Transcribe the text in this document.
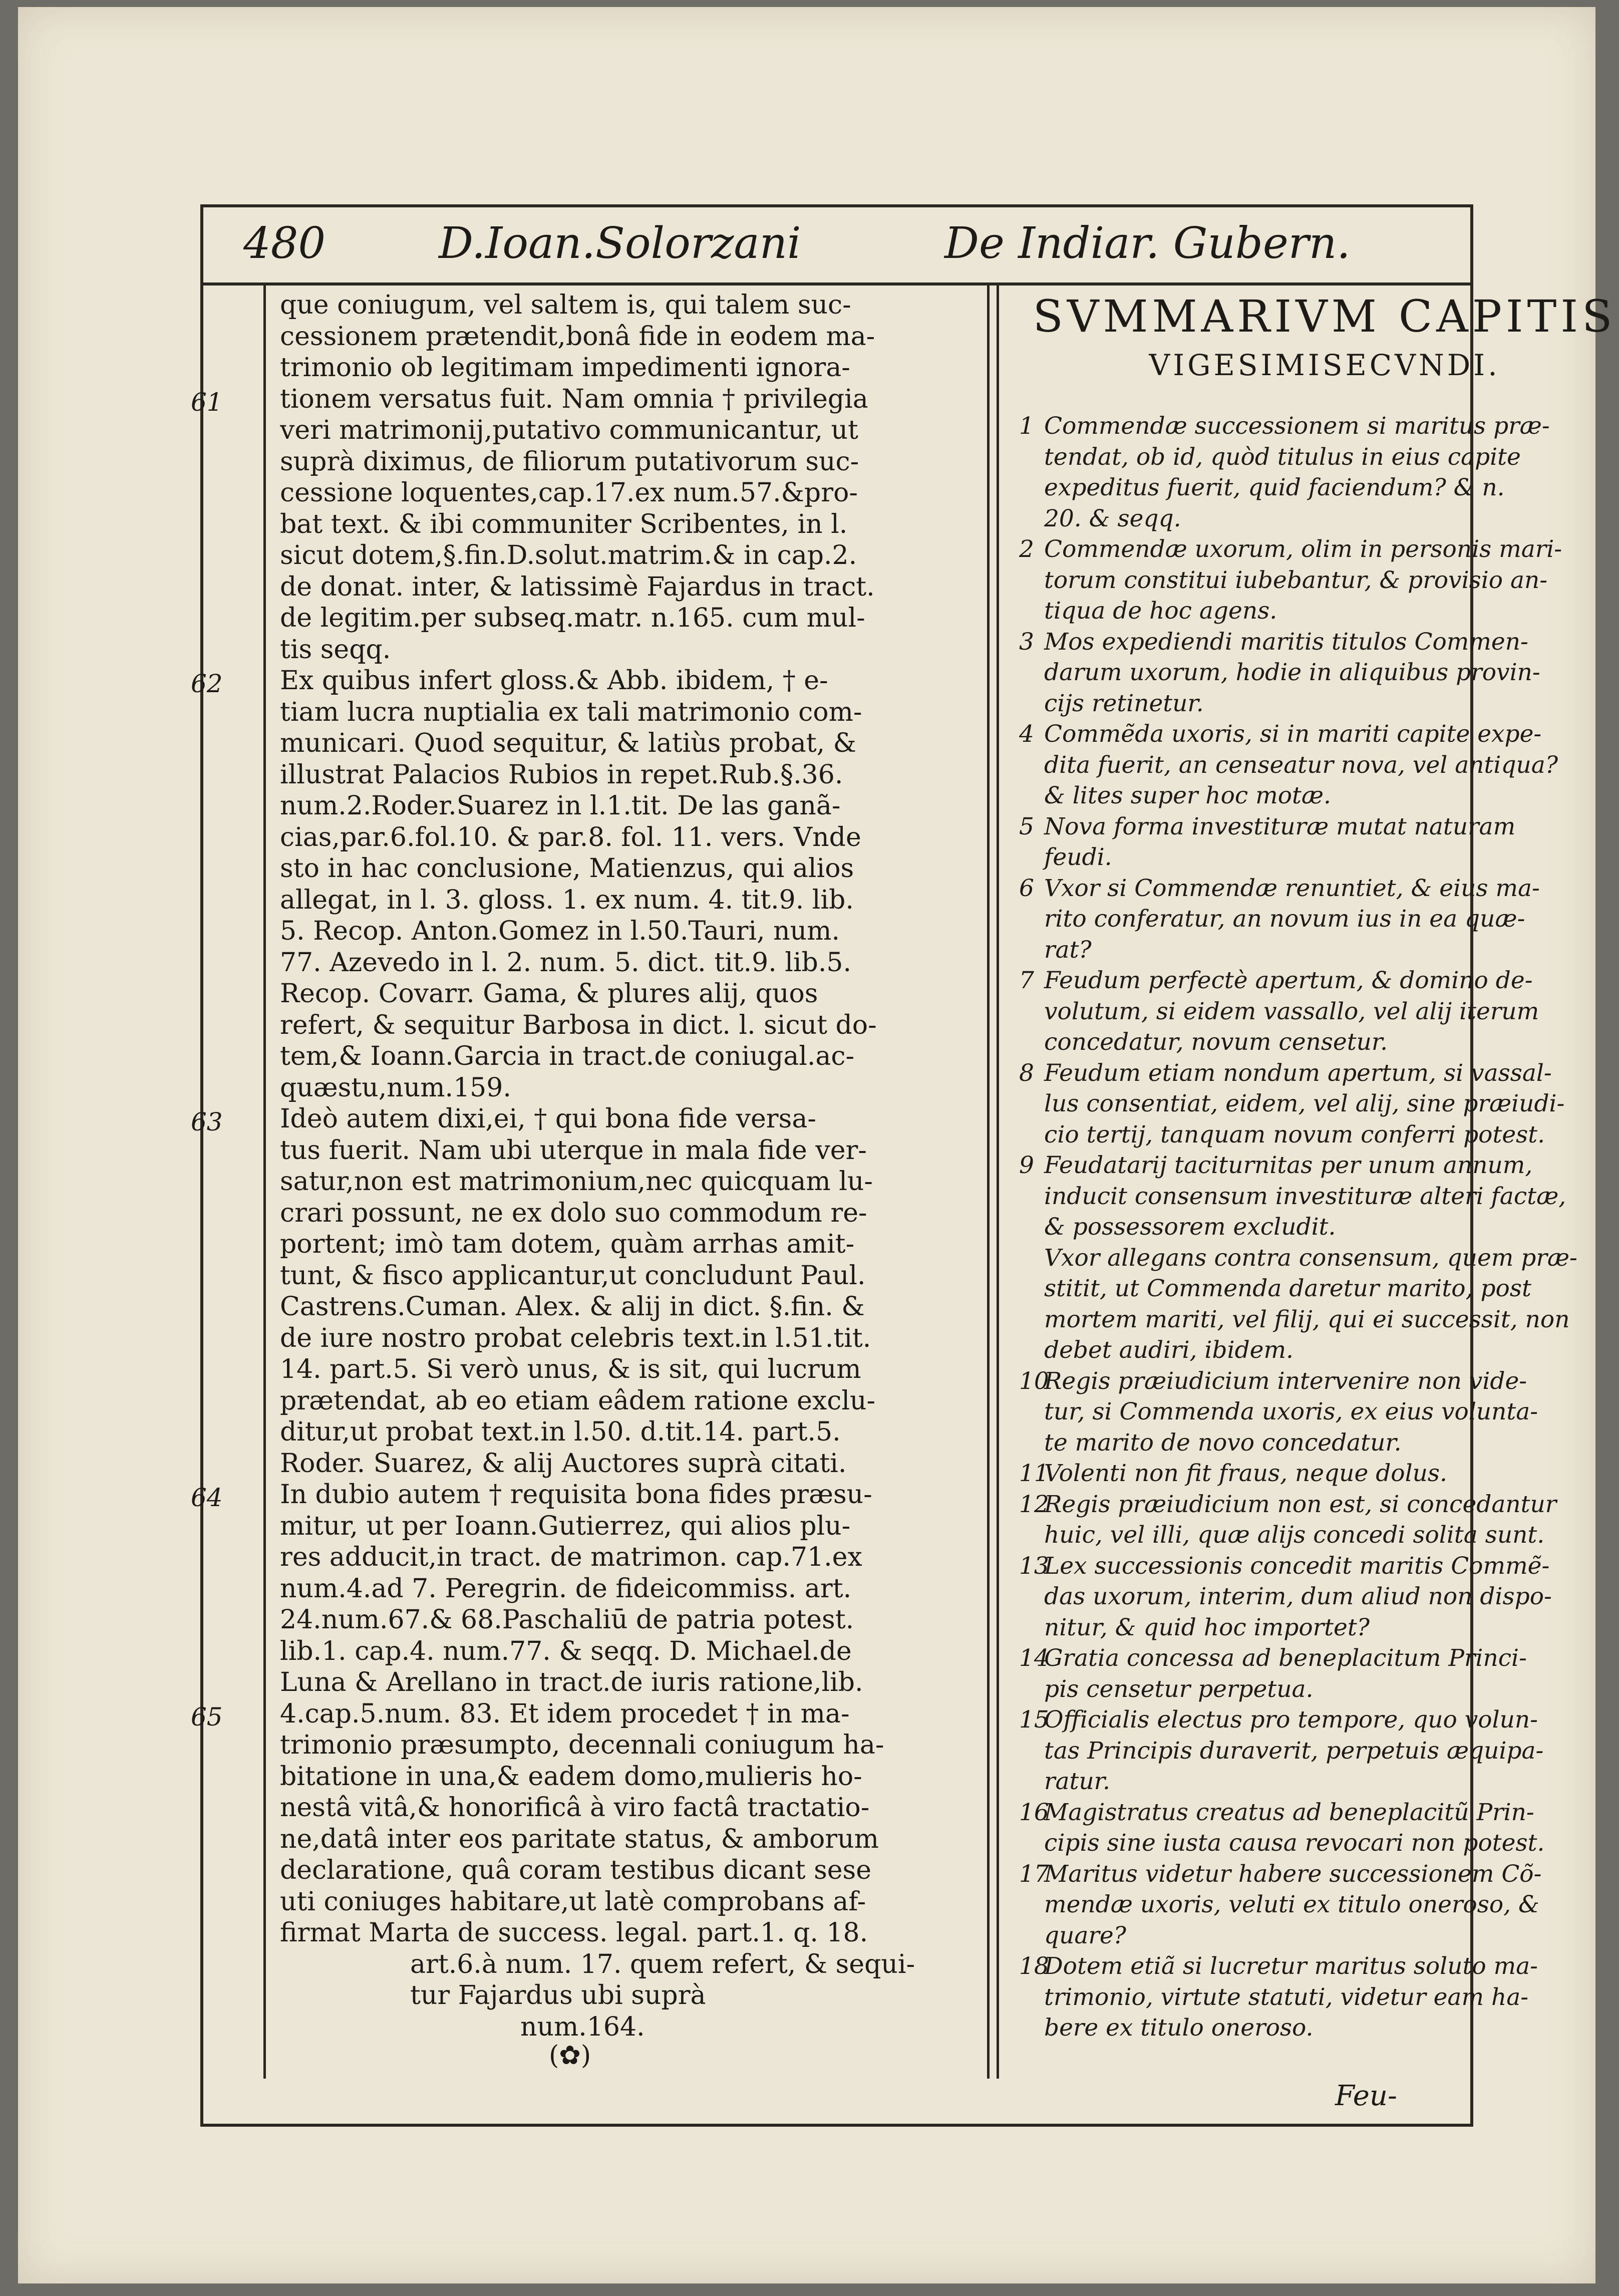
480	D.Ioan.Solorzani	De Indiar. Gubern.
que coniugum, vel saltem is, qui talem suc-
cessionem prætendit,bonâ fide in eodem ma-
trimonio ob legitimam impedimenti ignora-
tionem versatus fuit. Nam omnia † privilegia
veri matrimonij,putativo communicantur, ut
suprà diximus, de filiorum putativorum suc-
cessione loquentes,cap.17.ex num.57.&pro-
bat text. & ibi communiter Scribentes, in l.
sicut dotem,§.fin.D.solut.matrim.& in cap.2.
de donat. inter, & latissimè Fajardus in tract.
de legitim.per subseq.matr. n.165. cum mul-
tis seqq.
Ex quibus infert gloss.& Abb. ibidem, † e-
tiam lucra nuptialia ex tali matrimonio com-
municari. Quod sequitur, & latiùs probat, &
illustrat Palacios Rubios in repet.Rub.§.36.
num.2.Roder.Suarez in l.1.tit. De las ganã-
cias,par.6.fol.10. & par.8. fol. 11. vers. Vnde
sto in hac conclusione, Matienzus, qui alios
allegat, in l. 3. gloss. 1. ex num. 4. tit.9. lib.
5. Recop. Anton.Gomez in l.50.Tauri, num.
77. Azevedo in l. 2. num. 5. dict. tit.9. lib.5.
Recop. Covarr. Gama, & plures alij, quos
refert, & sequitur Barbosa in dict. l. sicut do-
tem,& Ioann.Garcia in tract.de coniugal.ac-
quæstu,num.159.
Ideò autem dixi,ei, † qui bona fide versa-
tus fuerit. Nam ubi uterque in mala fide ver-
satur,non est matrimonium,nec quicquam lu-
crari possunt, ne ex dolo suo commodum re-
portent; imò tam dotem, quàm arrhas amit-
tunt, & fisco applicantur,ut concludunt Paul.
Castrens.Cuman. Alex. & alij in dict. §.fin. &
de iure nostro probat celebris text.in l.51.tit.
14. part.5. Si verò unus, & is sit, qui lucrum
prætendat, ab eo etiam eâdem ratione exclu-
ditur,ut probat text.in l.50. d.tit.14. part.5.
Roder. Suarez, & alij Auctores suprà citati.
In dubio autem † requisita bona fides præsu-
mitur, ut per Ioann.Gutierrez, qui alios plu-
res adducit,in tract. de matrimon. cap.71.ex
num.4.ad 7. Peregrin. de fideicommiss. art.
24.num.67.& 68.Paschaliū de patria potest.
lib.1. cap.4. num.77. & seqq. D. Michael.de
Luna & Arellano in tract.de iuris ratione,lib.
4.cap.5.num. 83. Et idem procedet † in ma-
trimonio præsumpto, decennali coniugum ha-
bitatione in una,& eadem domo,mulieris ho-
nestâ vitâ,& honorificâ à viro factâ tractatio-
ne,datâ inter eos paritate status, & amborum
declaratione, quâ coram testibus dicant sese
uti coniuges habitare,ut latè comprobans af-
firmat Marta de success. legal. part.1. q. 18.
art.6.à num. 17. quem refert, & sequi-
tur Fajardus ubi suprà
num.164.
61
62
63
64
65
SVMMARIVM CAPITIS
VIGESIMISECVNDI.
1 Commendæ successionem si maritus præ-
tendat, ob id, quòd titulus in eius capite
expeditus fuerit, quid faciendum? & n.
20. & seqq.
2 Commendæ uxorum, olim in personis mari-
torum constitui iubebantur, & provisio an-
tiqua de hoc agens.
3 Mos expediendi maritis titulos Commen-
darum uxorum, hodie in aliquibus provin-
cijs retinetur.
4 Commẽda uxoris, si in mariti capite expe-
dita fuerit, an censeatur nova, vel antiqua?
& lites super hoc motæ.
5 Nova forma investituræ mutat naturam
feudi.
6 Vxor si Commendæ renuntiet, & eius ma-
rito conferatur, an novum ius in ea quæ-
rat?
7 Feudum perfectè apertum, & domino de-
volutum, si eidem vassallo, vel alij iterum
concedatur, novum censetur.
8 Feudum etiam nondum apertum, si vassal-
lus consentiat, eidem, vel alij, sine præiudi-
cio tertij, tanquam novum conferri potest.
9 Feudatarij taciturnitas per unum annum,
inducit consensum investituræ alteri factæ,
& possessorem excludit.
Vxor allegans contra consensum, quem præ-
stitit, ut Commenda daretur marito, post
mortem mariti, vel filij, qui ei successit, non
debet audiri, ibidem.
10Regis præiudicium intervenire non vide-
tur, si Commenda uxoris, ex eius volunta-
te marito de novo concedatur.
11Volenti non fit fraus, neque dolus.
12Regis præiudicium non est, si concedantur
huic, vel illi, quæ alijs concedi solita sunt.
13Lex successionis concedit maritis Commẽ-
das uxorum, interim, dum aliud non dispo-
nitur, & quid hoc importet?
14Gratia concessa ad beneplacitum Princi-
pis censetur perpetua.
15Officialis electus pro tempore, quo volun-
tas Principis duraverit, perpetuis æquipa-
ratur.
16Magistratus creatus ad beneplacitũ Prin-
cipis sine iusta causa revocari non potest.
17Maritus videtur habere successionem Cõ-
mendæ uxoris, veluti ex titulo oneroso, &
quare?
18Dotem etiã si lucretur maritus soluto ma-
trimonio, virtute statuti, videtur eam ha-
bere ex titulo oneroso.
(✿)
Feu-
